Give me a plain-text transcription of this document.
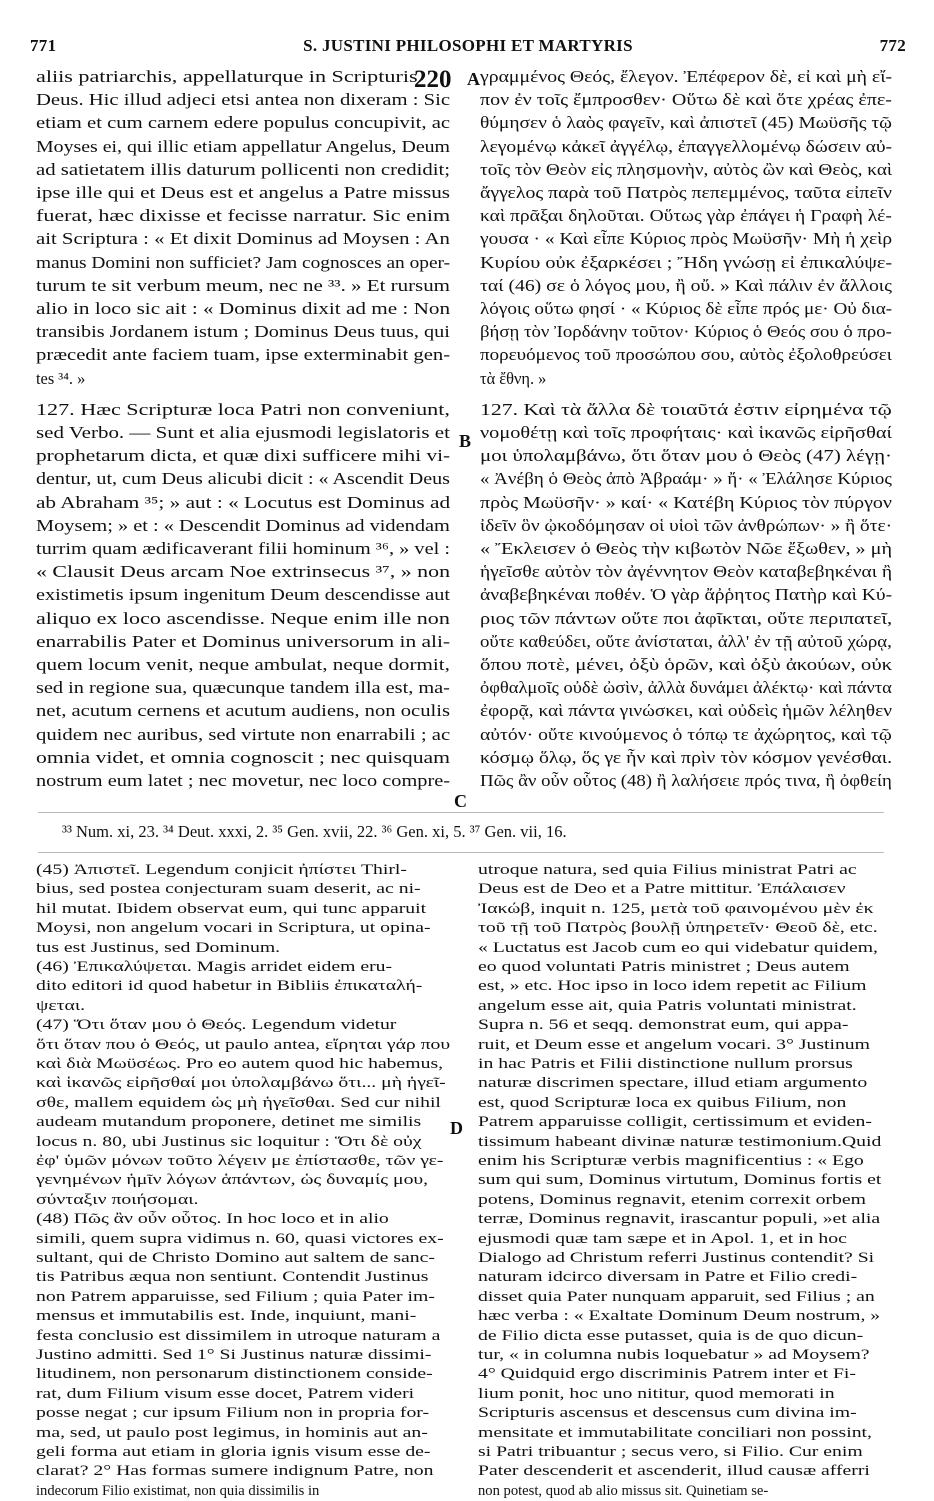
771	S. JUSTINI PHILOSOPHI ET MARTYRIS	772
220 A
B
C
D
aliis patriarchis, appellaturque in Scripturis
Deus. Hic illud adjeci etsi antea non dixeram : Sic
etiam et cum carnem edere populus concupivit, ac
Moyses ei, qui illic etiam appellatur Angelus, Deum
ad satietatem illis daturum pollicenti non credidit;
ipse ille qui et Deus est et angelus a Patre missus
fuerat, hæc dixisse et fecisse narratur. Sic enim
ait Scriptura : « Et dixit Dominus ad Moysen : An
manus Domini non sufficiet? Jam cognosces an oper-
turum te sit verbum meum, nec ne ³³. » Et rursum
alio in loco sic ait : « Dominus dixit ad me : Non
transibis Jordanem istum ; Dominus Deus tuus, qui
præcedit ante faciem tuam, ipse exterminabit gen-
tes ³⁴. »
127. Hæc Scripturæ loca Patri non conveniunt,
sed Verbo. — Sunt et alia ejusmodi legislatoris et
prophetarum dicta, et quæ dixi sufficere mihi vi-
dentur, ut, cum Deus alicubi dicit : « Ascendit Deus
ab Abraham ³⁵; » aut : « Locutus est Dominus ad
Moysem; » et : « Descendit Dominus ad videndam
turrim quam ædificaverant filii hominum ³⁶, » vel :
« Clausit Deus arcam Noe extrinsecus ³⁷, » non
existimetis ipsum ingenitum Deum descendisse aut
aliquo ex loco ascendisse. Neque enim ille non
enarrabilis Pater et Dominus universorum in ali-
quem locum venit, neque ambulat, neque dormit,
sed in regione sua, quæcunque tandem illa est, ma-
net, acutum cernens et acutum audiens, non oculis
quidem nec auribus, sed virtute non enarrabili ; ac
omnia videt, et omnia cognoscit ; nec quisquam
nostrum eum latet ; nec movetur, nec loco compre-
γραμμένος Θεός, ἔλεγον. Ἐπέφερον δὲ, εἰ καὶ μὴ εἴ-
πον ἐν τοῖς ἔμπροσθεν· Οὕτω δὲ καὶ ὅτε χρέας ἐπε-
θύμησεν ὁ λαὸς φαγεῖν, καὶ ἀπιστεῖ (45) Μωϋσῆς τῷ
λεγομένῳ κἀκεῖ ἀγγέλῳ, ἐπαγγελλομένῳ δώσειν αὐ-
τοῖς τὸν Θεὸν εἰς πλησμονὴν, αὐτὸς ὢν καὶ Θεὸς, καὶ
ἄγγελος παρὰ τοῦ Πατρὸς πεπεμμένος, ταῦτα εἰπεῖν
καὶ πρᾶξαι δηλοῦται. Οὕτως γὰρ ἐπάγει ἡ Γραφὴ λέ-
γουσα · « Καὶ εἶπε Κύριος πρὸς Μωϋσῆν· Μὴ ἡ χεὶρ
Κυρίου οὐκ ἐξαρκέσει ; Ἤδη γνώσῃ εἰ ἐπικαλύψε-
ταί (46) σε ὁ λόγος μου, ἢ οὔ. » Καὶ πάλιν ἐν ἄλλοις
λόγοις οὕτω φησί · « Κύριος δὲ εἶπε πρός με· Οὐ δια-
βήσῃ τὸν Ἰορδάνην τοῦτον· Κύριος ὁ Θεός σου ὁ προ-
πορευόμενος τοῦ προσώπου σου, αὐτὸς ἐξολοθρεύσει
τὰ ἔθνη. »
127. Καὶ τὰ ἄλλα δὲ τοιαῦτά ἐστιν εἰρημένα τῷ
νομοθέτῃ καὶ τοῖς προφήταις· καὶ ἱκανῶς εἰρῆσθαί
μοι ὑπολαμβάνω, ὅτι ὅταν μου ὁ Θεὸς (47) λέγῃ·
« Ἀνέβη ὁ Θεὸς ἀπὸ Ἀβραάμ· » ἤ· « Ἐλάλησε Κύριος
πρὸς Μωϋσῆν· » καί· « Κατέβη Κύριος τὸν πύργον
ἰδεῖν ὃν ᾠκοδόμησαν οἱ υἱοὶ τῶν ἀνθρώπων· » ἢ ὅτε·
« Ἔκλεισεν ὁ Θεὸς τὴν κιβωτὸν Νῶε ἔξωθεν, » μὴ
ἡγεῖσθε αὐτὸν τὸν ἀγέννητον Θεὸν καταβεβηκέναι ἢ
ἀναβεβηκέναι ποθέν. Ὁ γὰρ ἄῤῥητος Πατὴρ καὶ Κύ-
ριος τῶν πάντων οὔτε ποι ἀφῖκται, οὔτε περιπατεῖ,
οὔτε καθεύδει, οὔτε ἀνίσταται, ἀλλ' ἐν τῇ αὐτοῦ χώρᾳ,
ὅπου ποτὲ, μένει, ὀξὺ ὁρῶν, καὶ ὀξὺ ἀκούων, οὐκ
ὀφθαλμοῖς οὐδὲ ὠσὶν, ἀλλὰ δυνάμει ἀλέκτῳ· καὶ πάντα
ἐφορᾷ, καὶ πάντα γινώσκει, καὶ οὐδεὶς ἡμῶν λέληθεν
αὐτόν· οὔτε κινούμενος ὁ τόπῳ τε ἀχώρητος, καὶ τῷ
κόσμῳ ὅλῳ, ὅς γε ἦν καὶ πρὶν τὸν κόσμον γενέσθαι.
Πῶς ἂν οὖν οὗτος (48) ἢ λαλήσειε πρός τινα, ἢ ὀφθείη
³³ Num. xi, 23. ³⁴ Deut. xxxi, 2. ³⁵ Gen. xvii, 22. ³⁶ Gen. xi, 5. ³⁷ Gen. vii, 16.
(45) Ἀπιστεῖ. Legendum conjicit ἠπίστει Thirl-
bius, sed postea conjecturam suam deserit, ac ni-
hil mutat. Ibidem observat eum, qui tunc apparuit
Moysi, non angelum vocari in Scriptura, ut opina-
tus est Justinus, sed Dominum.
(46) Ἐπικαλύψεται. Magis arridet eidem eru-
dito editori id quod habetur in Bibliis ἐπικαταλή-
ψεται.
(47) Ὅτι ὅταν μου ὁ Θεός. Legendum videtur
ὅτι ὅταν που ὁ Θεός, ut paulo antea, εἴρηται γάρ που
καὶ διὰ Μωϋσέως. Pro eo autem quod hic habemus,
καὶ ἱκανῶς εἰρῆσθαί μοι ὑπολαμβάνω ὅτι... μὴ ἡγεῖ-
σθε, mallem equidem ὡς μὴ ἡγεῖσθαι. Sed cur nihil
audeam mutandum proponere, detinet me similis
locus n. 80, ubi Justinus sic loquitur : Ὅτι δὲ οὐχ
ἐφ' ὑμῶν μόνων τοῦτο λέγειν με ἐπίστασθε, τῶν γε-
γενημένων ἡμῖν λόγων ἁπάντων, ὡς δυναμίς μου,
σύνταξιν ποιήσομαι.
(48) Πῶς ἂν οὖν οὗτος. In hoc loco et in alio
simili, quem supra vidimus n. 60, quasi victores ex-
sultant, qui de Christo Domino aut saltem de sanc-
tis Patribus æqua non sentiunt. Contendit Justinus
non Patrem apparuisse, sed Filium ; quia Pater im-
mensus et immutabilis est. Inde, inquiunt, mani-
festa conclusio est dissimilem in utroque naturam a
Justino admitti. Sed 1° Si Justinus naturæ dissimi-
litudinem, non personarum distinctionem conside-
rat, dum Filium visum esse docet, Patrem videri
posse negat ; cur ipsum Filium non in propria for-
ma, sed, ut paulo post legimus, in hominis aut an-
geli forma aut etiam in gloria ignis visum esse de-
clarat? 2° Has formas sumere indignum Patre, non
indecorum Filio existimat, non quia dissimilis in
utroque natura, sed quia Filius ministrat Patri ac
Deus est de Deo et a Patre mittitur. Ἐπάλαισεν
Ἰακώβ, inquit n. 125, μετὰ τοῦ φαινομένου μὲν ἐκ
τοῦ τῇ τοῦ Πατρὸς βουλῇ ὑπηρετεῖν· Θεοῦ δὲ, etc.
« Luctatus est Jacob cum eo qui videbatur quidem,
eo quod voluntati Patris ministret ; Deus autem
est, » etc. Hoc ipso in loco idem repetit ac Filium
angelum esse ait, quia Patris voluntati ministrat.
Supra n. 56 et seqq. demonstrat eum, qui appa-
ruit, et Deum esse et angelum vocari. 3° Justinum
in hac Patris et Filii distinctione nullum prorsus
naturæ discrimen spectare, illud etiam argumento
est, quod Scripturæ loca ex quibus Filium, non
Patrem apparuisse colligit, certissimum et eviden-
tissimum habeant divinæ naturæ testimonium.Quid
enim his Scripturæ verbis magnificentius : « Ego
sum qui sum, Dominus virtutum, Dominus fortis et
potens, Dominus regnavit, etenim correxit orbem
terræ, Dominus regnavit, irascantur populi, »et alia
ejusmodi quæ tam sæpe et in Apol. 1, et in hoc
Dialogo ad Christum referri Justinus contendit? Si
naturam idcirco diversam in Patre et Filio credi-
disset quia Pater nunquam apparuit, sed Filius ; an
hæc verba : « Exaltate Dominum Deum nostrum, »
de Filio dicta esse putasset, quia is de quo dicun-
tur, « in columna nubis loquebatur » ad Moysem?
4° Quidquid ergo discriminis Patrem inter et Fi-
lium ponit, hoc uno nititur, quod memorati in
Scripturis ascensus et descensus cum divina im-
mensitate et immutabilitate conciliari non possint,
si Patri tribuantur ; secus vero, si Filio. Cur enim
Pater descenderit et ascenderit, illud causæ afferri
non potest, quod ab alio missus sit. Quinetiam se-
